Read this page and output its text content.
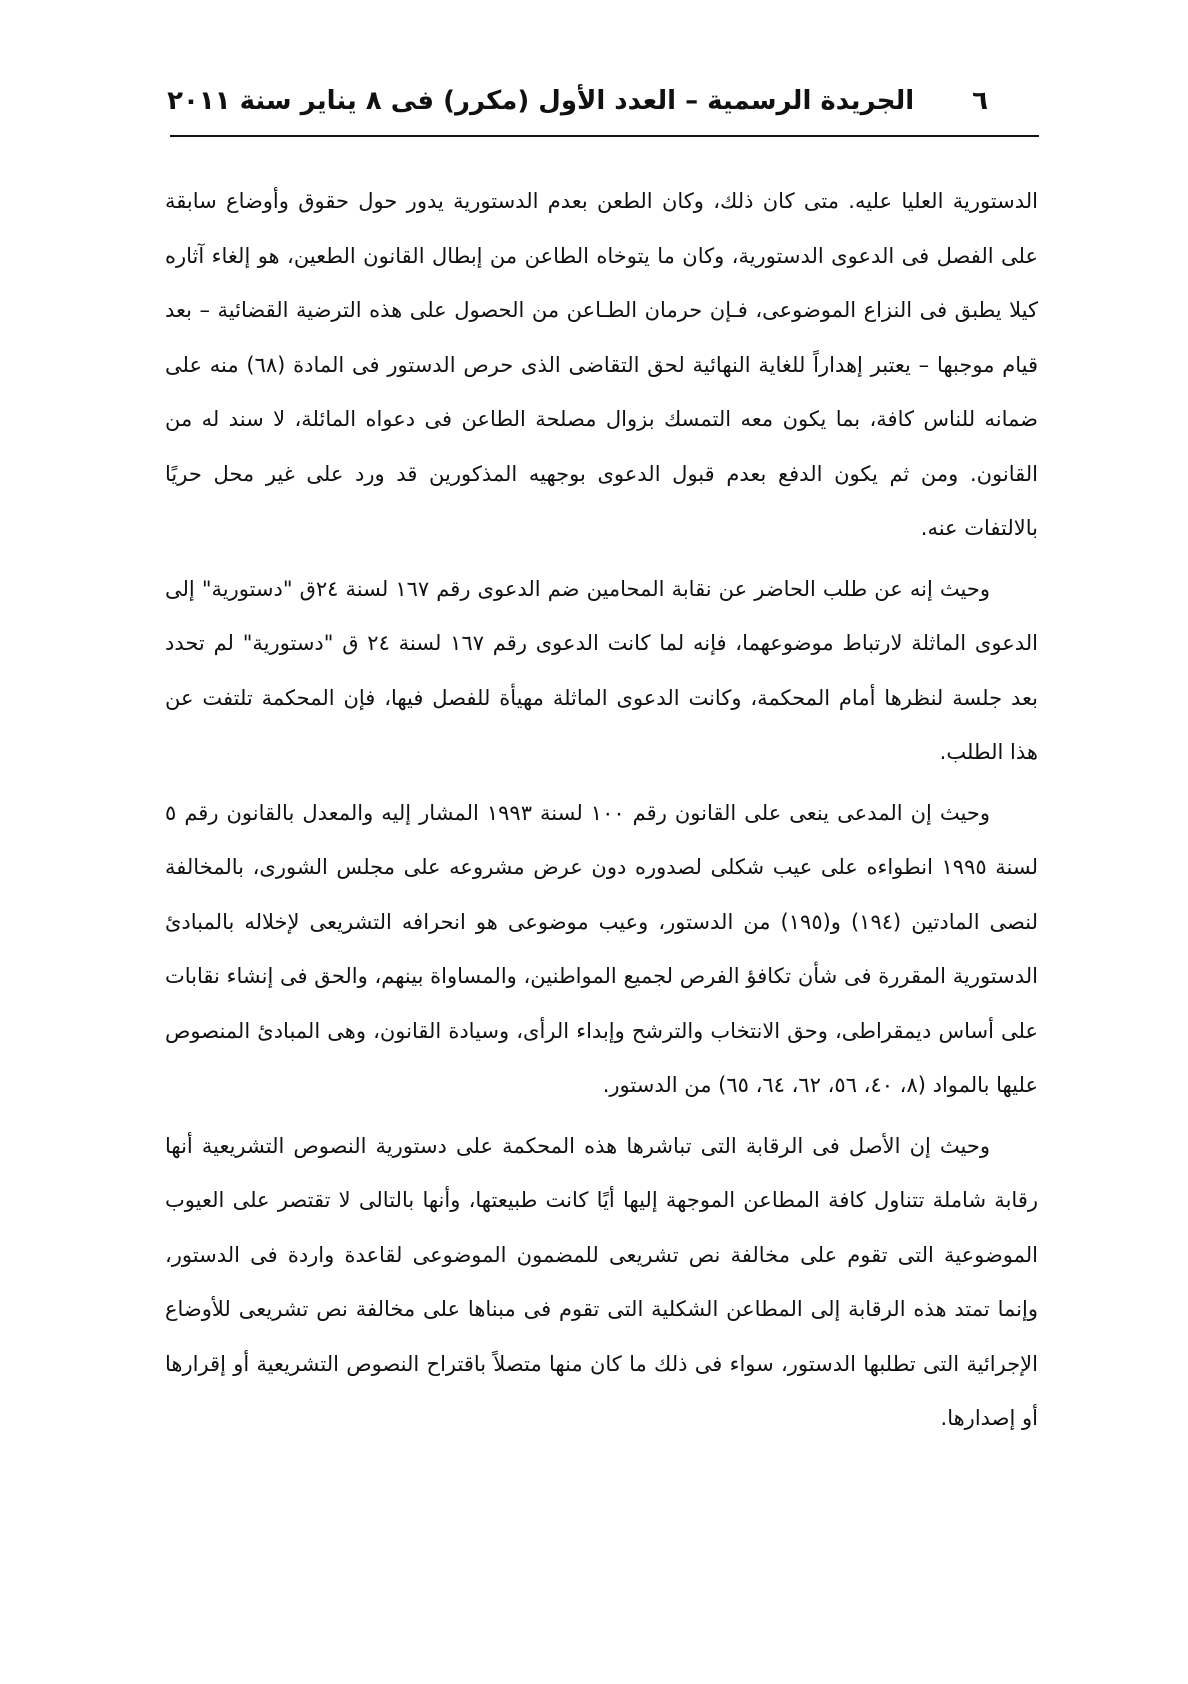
٦
الجريدة الرسمية – العدد الأول (مكرر) فى ٨ يناير سنة ٢٠١١

الدستورية العليا عليه. متى كان ذلك، وكان الطعن بعدم الدستورية يدور حول حقوق وأوضاع سابقة على الفصل فى الدعوى الدستورية، وكان ما يتوخاه الطاعن من إبطال القانون الطعين، هو إلغاء آثاره كيلا يطبق فى النزاع الموضوعى، فـإن حرمان الطـاعن من الحصول على هذه الترضية القضائية – بعد قيام موجبها – يعتبر إهداراً للغاية النهائية لحق التقاضى الذى حرص الدستور فى المادة (٦٨) منه على ضمانه للناس كافة، بما يكون معه التمسك بزوال مصلحة الطاعن فى دعواه المائلة، لا سند له من القانون. ومن ثم يكون الدفع بعدم قبول الدعوى بوجهيه المذكورين قد ورد على غير محل حريًا بالالتفات عنه.

وحيث إنه عن طلب الحاضر عن نقابة المحامين ضم الدعوى رقم ١٦٧ لسنة ٢٤ق "دستورية" إلى الدعوى الماثلة لارتباط موضوعهما، فإنه لما كانت الدعوى رقم ١٦٧ لسنة ٢٤ ق "دستورية" لم تحدد بعد جلسة لنظرها أمام المحكمة، وكانت الدعوى الماثلة مهيأة للفصل فيها، فإن المحكمة تلتفت عن هذا الطلب.

وحيث إن المدعى ينعى على القانون رقم ١٠٠ لسنة ١٩٩٣ المشار إليه والمعدل بالقانون رقم ٥ لسنة ١٩٩٥ انطواءه على عيب شكلى لصدوره دون عرض مشروعه على مجلس الشورى، بالمخالفة لنصى المادتين (١٩٤) و(١٩٥) من الدستور، وعيب موضوعى هو انحرافه التشريعى لإخلاله بالمبادئ الدستورية المقررة فى شأن تكافؤ الفرص لجميع المواطنين، والمساواة بينهم، والحق فى إنشاء نقابات على أساس ديمقراطى، وحق الانتخاب والترشح وإبداء الرأى، وسيادة القانون، وهى المبادئ المنصوص عليها بالمواد (٨، ٤٠، ٥٦، ٦٢، ٦٤، ٦٥) من الدستور.

وحيث إن الأصل فى الرقابة التى تباشرها هذه المحكمة على دستورية النصوص التشريعية أنها رقابة شاملة تتناول كافة المطاعن الموجهة إليها أيًا كانت طبيعتها، وأنها بالتالى لا تقتصر على العيوب الموضوعية التى تقوم على مخالفة نص تشريعى للمضمون الموضوعى لقاعدة واردة فى الدستور، وإنما تمتد هذه الرقابة إلى المطاعن الشكلية التى تقوم فى مبناها على مخالفة نص تشريعى للأوضاع الإجرائية التى تطلبها الدستور، سواء فى ذلك ما كان منها متصلاً باقتراح النصوص التشريعية أو إقرارها أو إصدارها.
